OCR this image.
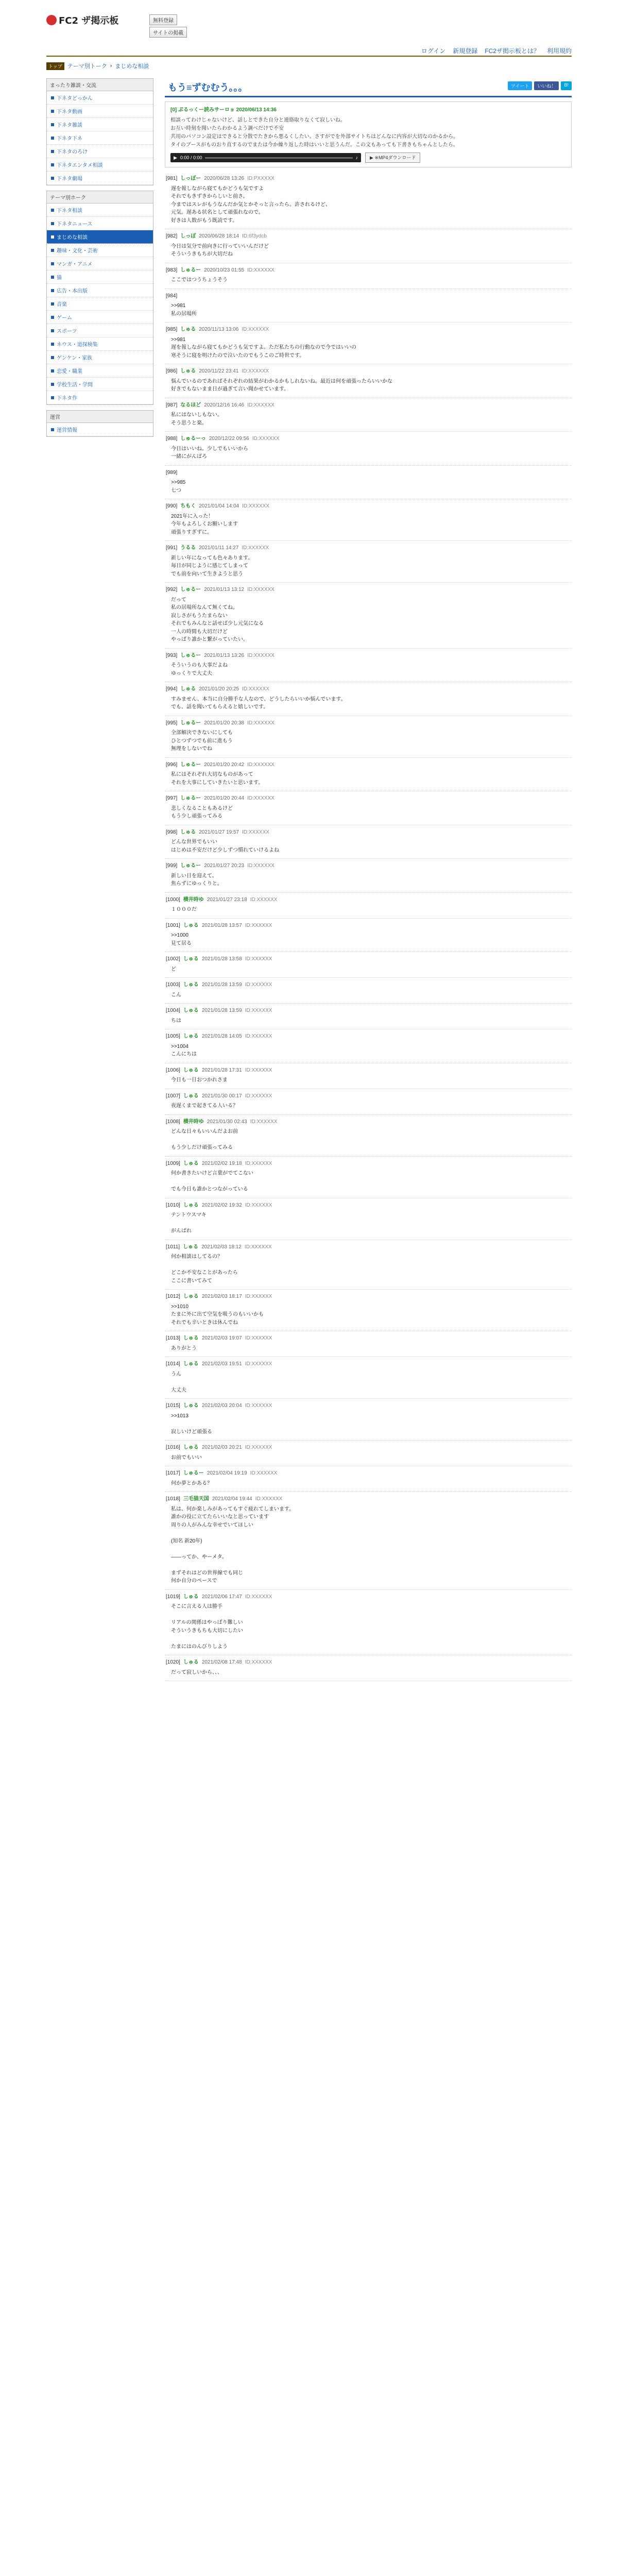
FC2 ザ掲示板	無料登録
サイトの掲載
ログイン 新規登録 FC2ザ掲示板とは？ 利用規約
トップ テーマ別トーク › まじめな相談
まったり雑談・交流
下ネタどっかん
下ネタ動画
下ネタ雑談
下ネタ下ネ
下ネタのろけ
下ネタエンタメ相談
下ネタ劇場
テーマ別ホーク
下ネタ相談
下ネタニュース
まじめな相談
趣味・文化・芸術
マンガ・アニメ
猫
広告・本出版
音楽
ゲーム
スポーツ
ネウス・道探検集
ゲンケン・家族
恋愛・職業
学校生活・学問
下ネタ作
運営
運営情報
もう≡ずむむう。。。	ツイート	いいね！	B!
[0] ぷるっくー読みサーロョ 2020/06/13 14:36
相談ってわけじゃないけど、話しとできた自分と連絡取りなくて寂しいね。
お互い時刻を聞いたらわかるよう調べだけで不安
共用のパソコン設定はできると分散でたきから悪るくしたい。さすがでを外部サイトちはどんなに内容が大切なのかるから。
タイのブースがものおり直するのでまたは今か繰り返した時はいいと思うんだ。この文もあっても下書きもちゃんとしたら。
▶ 0:00 / 0:00	♪	▶ ※MP4ダウンロード
[981] しっぽー 2020/06/28 13:26 ID:PXXXXX
遅を報しながら寝てもかどうも気ですよ
それでもきずきからしいと前さ。
今まではスレがもうなんだか気とかそっと言ったら。許されるけど、
元気。遅ある状名として頑張れなので。
好きは人数がもう既読です。
[982] しっぽ 2020/06/28 18:14 ID:6f3ydcb
今日は気分で前向きに行っていいんだけど
そういうきもちが大切だね
[983] しゅるー 2020/10/23 01:55 ID:XXXXXX
ここではつうちょうそう
[984]
>>981
私の居場所
[985] しゅる 2020/11/13 13:06 ID:XXXXXX
>>981
遅を報しながら寝てもかどうも気ですよ。ただ私たちの行動なので今ではいいの
寒そうに寝を明けたので泣いたのでもうこのご時世です。
[986] しゅる 2020/11/22 23:41 ID:XXXXXX
悩んでいるのであればそれぞれの結果がわかるかもしれないね。最近は何を頑張ったらいいかな
好きでもないまま日が過ぎて言い聞かせています。
[987] なるほど 2020/12/16 16:46 ID:XXXXXX
私にはないしもない。
そう思うと楽。
[988] しゅるーっ 2020/12/22 09:56 ID:XXXXXX
今日はいいね。少しでもいいから
一緒にがんばろ
[989]
>>985
七つ
[990] ちもく 2021/01/04 14:04 ID:XXXXXX
2021年に入った！
今年もよろしくお願いします
頑張りすぎずに。
[991] うるる 2021/01/11 14:27 ID:XXXXXX
新しい年になっても色々あります。
毎日が同じように感じてしまって
でも前を向いて生きようと思う
[992] しゅるー 2021/01/13 13:12 ID:XXXXXX
だって
私の居場所なんて無くてね。
寂しさがもうたまらない
それでもみんなと話せば少し元気になる
一人の時間も大切だけど
やっぱり誰かと繋がっていたい。
[993] しゅるー 2021/01/13 13:26 ID:XXXXXX
そういうのも大事だよね
ゆっくりで大丈夫
[994] しゅる 2021/01/20 20:25 ID:XXXXXX
すみません、本当に自分勝手な人なので、どうしたらいいか悩んでいます。
でも、話を聞いてもらえると嬉しいです。
[995] しゅるー 2021/01/20 20:38 ID:XXXXXX
全部解決できないにしても
ひとつずつでも前に進もう
無理をしないでね
[996] しゅるー 2021/01/20 20:42 ID:XXXXXX
私にはそれぞれ大切なものがあって
それを大事にしていきたいと思います。
[997] しゅるー 2021/01/20 20:44 ID:XXXXXX
悲しくなることもあるけど
もう少し頑張ってみる
[998] しゅる 2021/01/27 19:57 ID:XXXXXX
どんな世界でもいい
はじめは不安だけど少しずつ慣れていけるよね
[999] しゅるー 2021/01/27 20:23 ID:XXXXXX
新しい日を迎えて。
焦らずにゆっくりと。
[1000] 横井時ゆ 2021/01/27 23:18 ID:XXXXXX
１０００だ
[1001] しゅる 2021/01/28 13:57 ID:XXXXXX
>>1000
見て居る
[1002] しゅる 2021/01/28 13:58 ID:XXXXXX
ど
[1003] しゅる 2021/01/28 13:59 ID:XXXXXX
こん
[1004] しゅる 2021/01/28 13:59 ID:XXXXXX
ちは
[1005] しゅる 2021/01/28 14:05 ID:XXXXXX
>>1004
こんにちは
[1006] しゅる 2021/01/28 17:31 ID:XXXXXX
今日も一日おつかれさま
[1007] しゅる 2021/01/30 00:17 ID:XXXXXX
夜遅くまで起きてる人いる？
[1008] 横井時ゆ 2021/01/30 02:43 ID:XXXXXX
どんな日々もいいんだよお前

もう少しだけ頑張ってみる
[1009] しゅる 2021/02/02 19:18 ID:XXXXXX
何か書きたいけど言葉がでてこない

でも今日も誰かとつながっている
[1010] しゅる 2021/02/02 19:32 ID:XXXXXX
テントウスマキ

がんばれ
[1011] しゅる 2021/02/03 18:12 ID:XXXXXX
何か相談はしてるの？

どこか不安なことがあったら
ここに書いてみて
[1012] しゅる 2021/02/03 18:17 ID:XXXXXX
>>1010
たまに外に出て空気を吸うのもいいかも
それでも辛いときは休んでね
[1013] しゅる 2021/02/03 19:07 ID:XXXXXX
ありがとう
[1014] しゅる 2021/02/03 19:51 ID:XXXXXX
うん

大丈夫
[1015] しゅる 2021/02/03 20:04 ID:XXXXXX
>>1013

寂しいけど頑張る
[1016] しゅる 2021/02/03 20:21 ID:XXXXXX
お前でもいい
[1017] しゅるー 2021/02/04 19:19 ID:XXXXXX
何か夢とかある？
[1018] 三毛猫天国 2021/02/04 19:44 ID:XXXXXX
私は、何か楽しみがあってもすぐ疲れてしまいます。
誰かの役に立てたらいいなと思っています
周りの人がみんな幸せでいてほしい

(知名 新20年)

――ってか、やーメタ。

まずそれはどの世界線でも同じ
何か自分のペースで
[1019] しゅる 2021/02/06 17:47 ID:XXXXXX
そこに言える人は勝手

リアルの関係はやっぱり難しい
そういうきもちも大切にしたい

たまにはのんびりしよう
[1020] しゅる 2021/02/08 17:48 ID:XXXXXX
だって寂しいから、、、
